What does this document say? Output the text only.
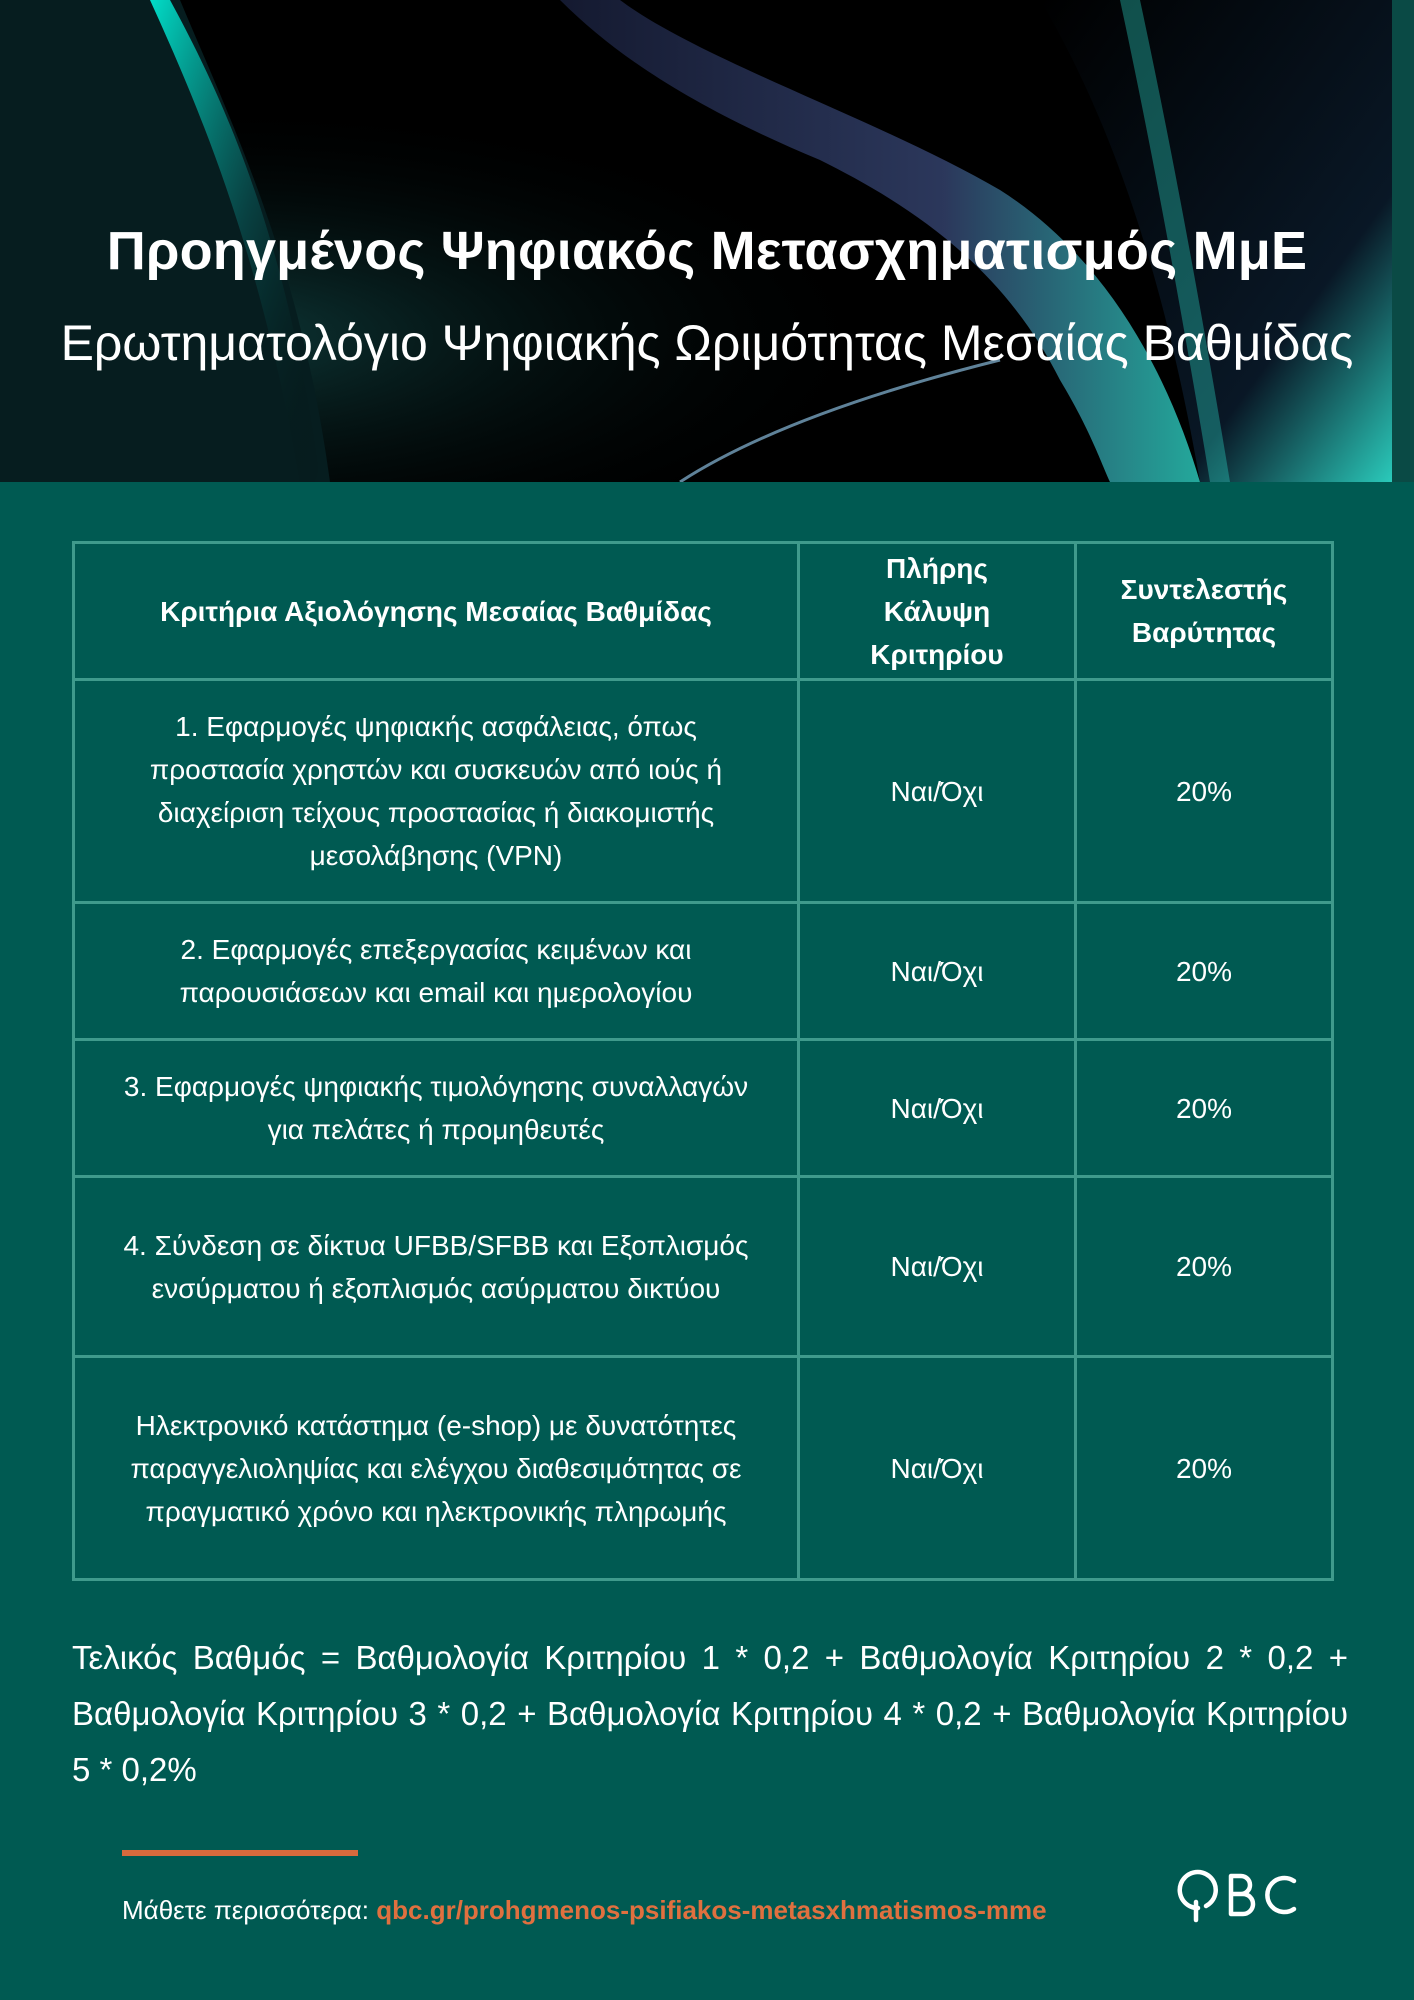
Προηγμένος Ψηφιακός Μετασχηματισμός ΜμΕ
Ερωτηματολόγιο Ψηφιακής Ωριμότητας Μεσαίας Βαθμίδας
Κριτήρια Αξιολόγησης Μεσαίας Βαθμίδας	Πλήρης Κάλυψη Κριτηρίου	Συντελεστής Βαρύτητας
1. Εφαρμογές ψηφιακής ασφάλειας, όπως προστασία χρηστών και συσκευών από ιούς ή διαχείριση τείχους προστασίας ή διακομιστής μεσολάβησης (VPN)	Ναι/Όχι	20%
2. Εφαρμογές επεξεργασίας κειμένων και παρουσιάσεων και email και ημερολογίου	Ναι/Όχι	20%
3. Εφαρμογές ψηφιακής τιμολόγησης συναλλαγών για πελάτες ή προμηθευτές	Ναι/Όχι	20%
4. Σύνδεση σε δίκτυα UFBB/SFBB και Εξοπλισμός ενσύρματου ή εξοπλισμός ασύρματου δικτύου	Ναι/Όχι	20%
Ηλεκτρονικό κατάστημα (e-shop) με δυνατότητες παραγγελιοληψίας και ελέγχου διαθεσιμότητας σε πραγματικό χρόνο και ηλεκτρονικής πληρωμής	Ναι/Όχι	20%

Τελικός Βαθμός = Βαθμολογία Κριτηρίου 1 * 0,2 + Βαθμολογία Κριτηρίου 2 * 0,2 + Βαθμολογία Κριτηρίου 3 * 0,2 + Βαθμολογία Κριτηρίου 4 * 0,2 + Βαθμολογία Κριτηρίου 5 * 0,2%

Μάθετε περισσότερα: qbc.gr/prohgmenos-psifiakos-metasxhmatismos-mme
